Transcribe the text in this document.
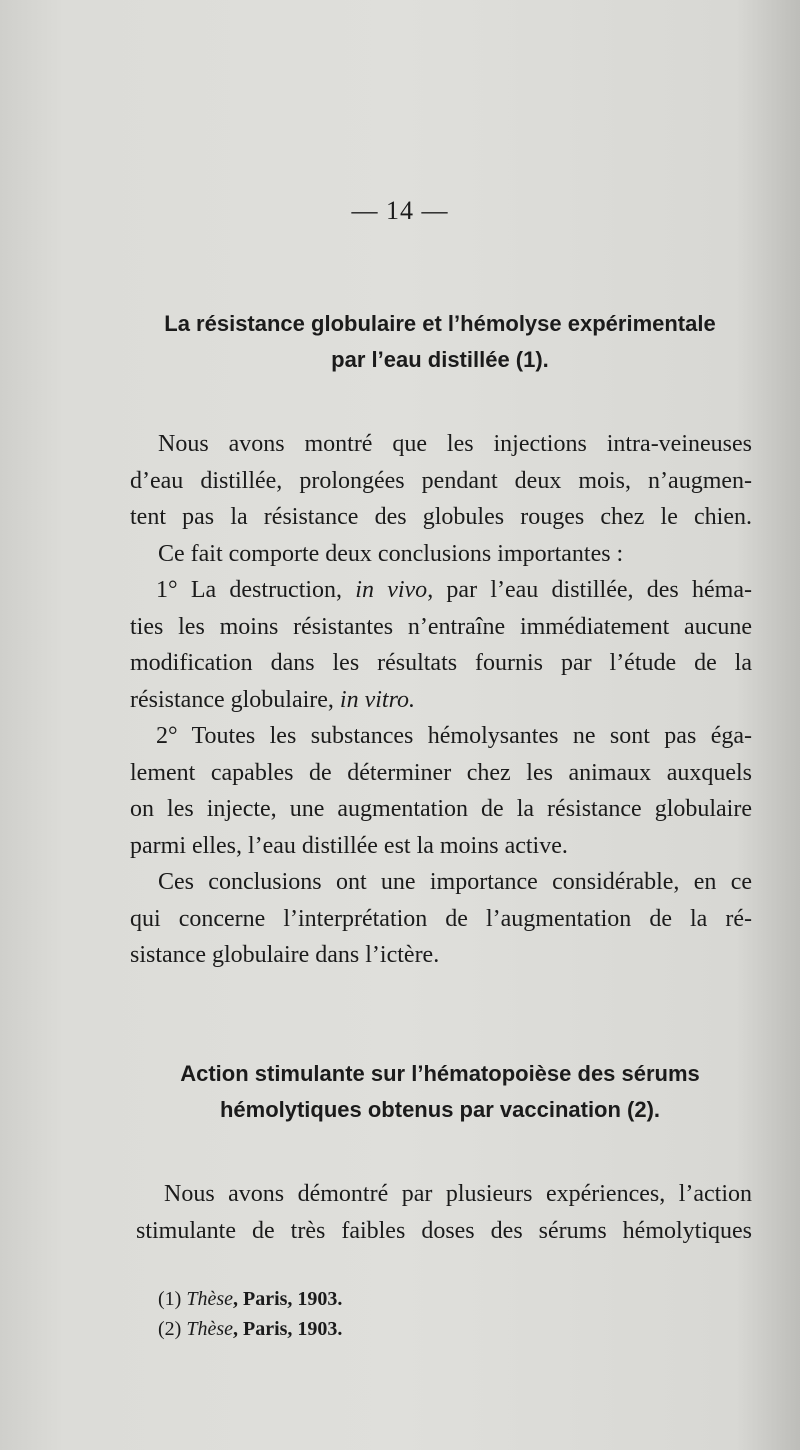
— 14 —
La résistance globulaire et l’hémolyse expérimentale
par l’eau distillée (1).
Nous avons montré que les injections intra-veineuses
d’eau distillée, prolongées pendant deux mois, n’augmen-
tent pas la résistance des globules rouges chez le chien.
Ce fait comporte deux conclusions importantes :
1° La destruction, in vivo, par l’eau distillée, des héma-
ties les moins résistantes n’entraîne immédiatement aucune
modification dans les résultats fournis par l’étude de la
résistance globulaire, in vitro.
2° Toutes les substances hémolysantes ne sont pas éga-
lement capables de déterminer chez les animaux auxquels
on les injecte, une augmentation de la résistance globulaire
parmi elles, l’eau distillée est la moins active.
Ces conclusions ont une importance considérable, en ce
qui concerne l’interprétation de l’augmentation de la ré-
sistance globulaire dans l’ictère.
Action stimulante sur l’hématopoièse des sérums
hémolytiques obtenus par vaccination (2).
Nous avons démontré par plusieurs expériences, l’action
stimulante de très faibles doses des sérums hémolytiques
(1) Thèse, Paris, 1903.
(2) Thèse, Paris, 1903.
